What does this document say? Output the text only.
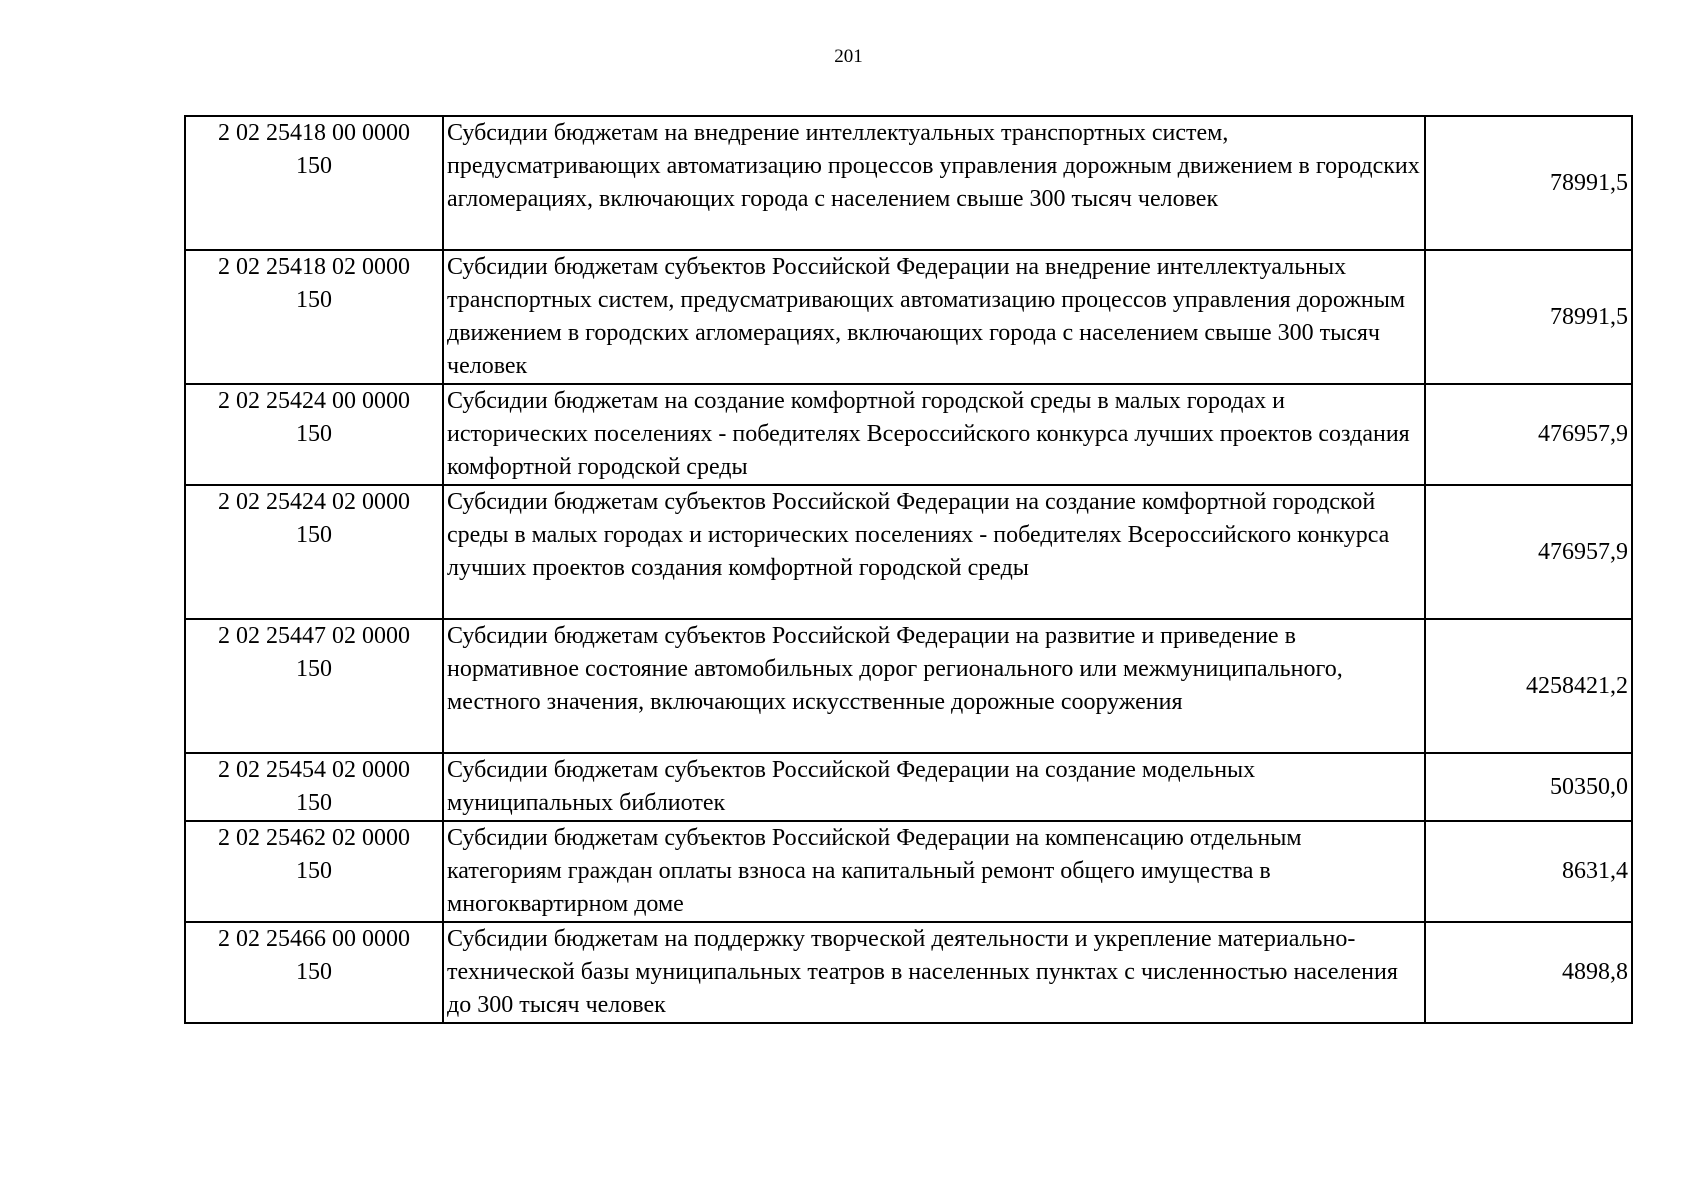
201
2 02 25418 00 0000
150	Субсидии бюджетам на внедрение интеллектуальных транспортных систем, предусматривающих автоматизацию процессов управления дорожным движением в городских агломерациях, включающих города с населением свыше 300 тысяч человек	78991,5

2 02 25418 02 0000
150	Субсидии бюджетам субъектов Российской Федерации на внедрение интеллектуальных транспортных систем, предусматривающих автоматизацию процессов управления дорожным движением в городских агломерациях, включающих города с населением свыше 300 тысяч человек	78991,5

2 02 25424 00 0000
150	Субсидии бюджетам на создание комфортной городской среды в малых городах и исторических поселениях - победителях Всероссийского конкурса лучших проектов создания комфортной городской среды	476957,9

2 02 25424 02 0000
150	Субсидии бюджетам субъектов Российской Федерации на создание комфортной городской среды в малых городах и исторических поселениях - победителях Всероссийского конкурса лучших проектов создания комфортной городской среды	476957,9

2 02 25447 02 0000
150	Субсидии бюджетам субъектов Российской Федерации на развитие и приведение в нормативное состояние автомобильных дорог регионального или межмуниципального, местного значения, включающих искусственные дорожные сооружения	4258421,2

2 02 25454 02 0000
150	Субсидии бюджетам субъектов Российской Федерации на создание модельных муниципальных библиотек	50350,0

2 02 25462 02 0000
150	Субсидии бюджетам субъектов Российской Федерации на компенсацию отдельным категориям граждан оплаты взноса на капитальный ремонт общего имущества в многоквартирном доме	8631,4

2 02 25466 00 0000
150	Субсидии бюджетам на поддержку творческой деятельности и укрепление материально-технической базы муниципальных театров в населенных пунктах с численностью населения до 300 тысяч человек	4898,8
